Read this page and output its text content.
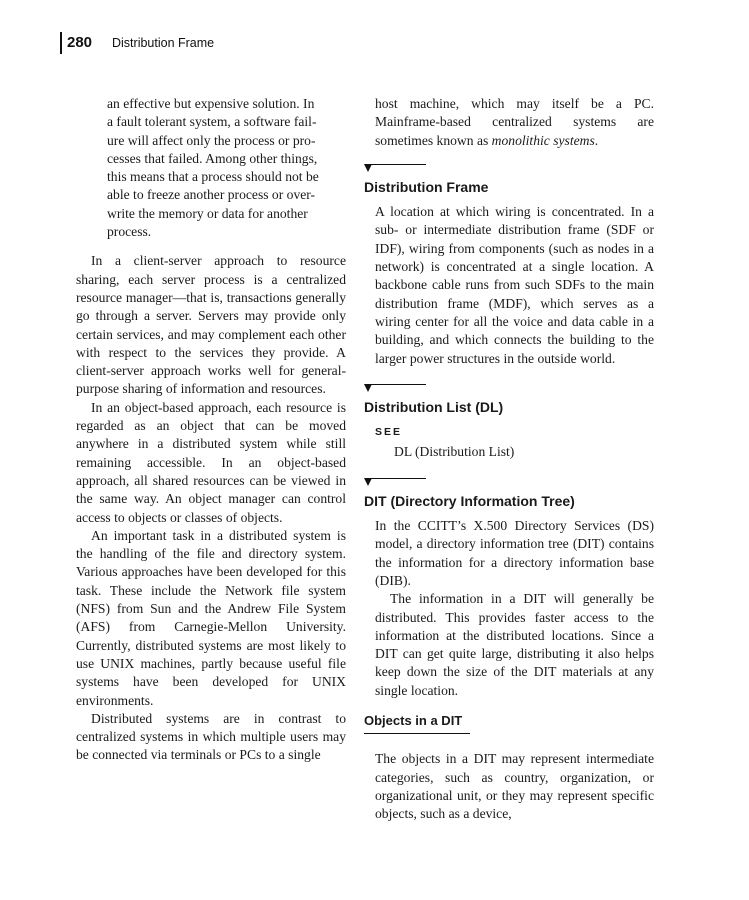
280 Distribution Frame
an effective but expensive solution. In
a fault tolerant system, a software fail-
ure will affect only the process or pro-
cesses that failed. Among other things,
this means that a process should not be
able to freeze another process or over-
write the memory or data for another
process.

In a client-server approach to resource sharing, each server process is a centralized resource manager—that is, transactions generally go through a server. Servers may provide only certain services, and may complement each other with respect to the services they provide. A client-server approach works well for general-purpose sharing of information and resources.

In an object-based approach, each resource is regarded as an object that can be moved anywhere in a distributed system while still remaining accessible. In an object-based approach, all shared resources can be viewed in the same way. An object manager can control access to objects or classes of objects.

An important task in a distributed system is the handling of the file and directory system. Various approaches have been developed for this task. These include the Network file system (NFS) from Sun and the Andrew File System (AFS) from Carnegie-Mellon University. Currently, distributed systems are most likely to use UNIX machines, partly because useful file systems have been developed for UNIX environments.

Distributed systems are in contrast to centralized systems in which multiple users may be connected via terminals or PCs to a single

host machine, which may itself be a PC. Mainframe-based centralized systems are sometimes known as monolithic systems.

Distribution Frame

A location at which wiring is concentrated. In a sub- or intermediate distribution frame (SDF or IDF), wiring from components (such as nodes in a network) is concentrated at a single location. A backbone cable runs from such SDFs to the main distribution frame (MDF), which serves as a wiring center for all the voice and data cable in a building, and which connects the building to the larger power structures in the outside world.

Distribution List (DL)
SEE

DL (Distribution List)

DIT (Directory Information Tree)

In the CCITT’s X.500 Directory Services (DS) model, a directory information tree (DIT) contains the information for a directory information base (DIB).

The information in a DIT will generally be distributed. This provides faster access to the information at the distributed locations. Since a DIT can get quite large, distributing it also helps keep down the size of the DIT materials at any single location.

Objects in a DIT

The objects in a DIT may represent intermediate categories, such as country, organization, or organizational unit, or they may represent specific objects, such as a device,
